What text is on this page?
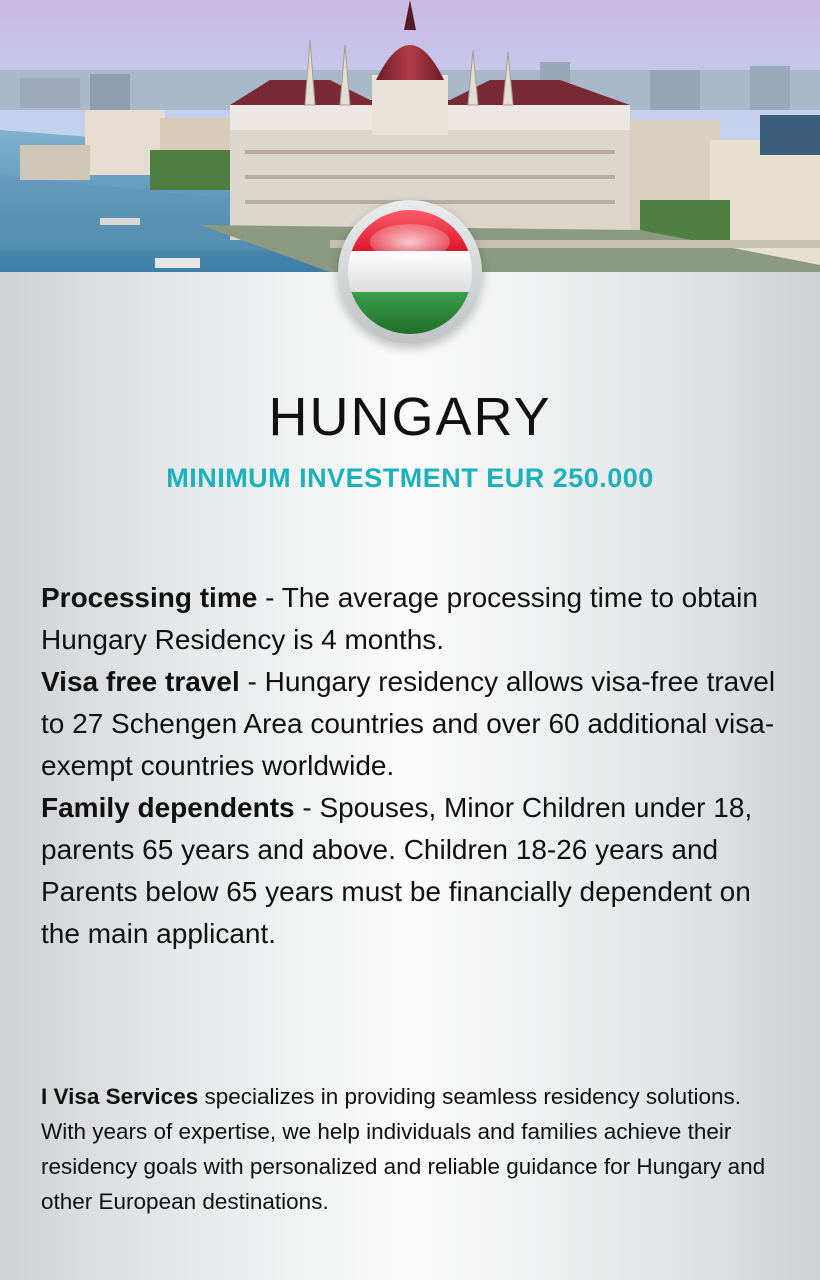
HUNGARY
MINIMUM INVESTMENT EUR 250.000

Processing time - The average processing time to obtain Hungary Residency is 4 months.
Visa free travel - Hungary residency allows visa-free travel to 27 Schengen Area countries and over 60 additional visa-exempt countries worldwide.
Family dependents - Spouses, Minor Children under 18, parents 65 years and above. Children 18-26 years and Parents below 65 years must be financially dependent on the main applicant.

I Visa Services specializes in providing seamless residency solutions. With years of expertise, we help individuals and families achieve their residency goals with personalized and reliable guidance for Hungary and other European destinations.
